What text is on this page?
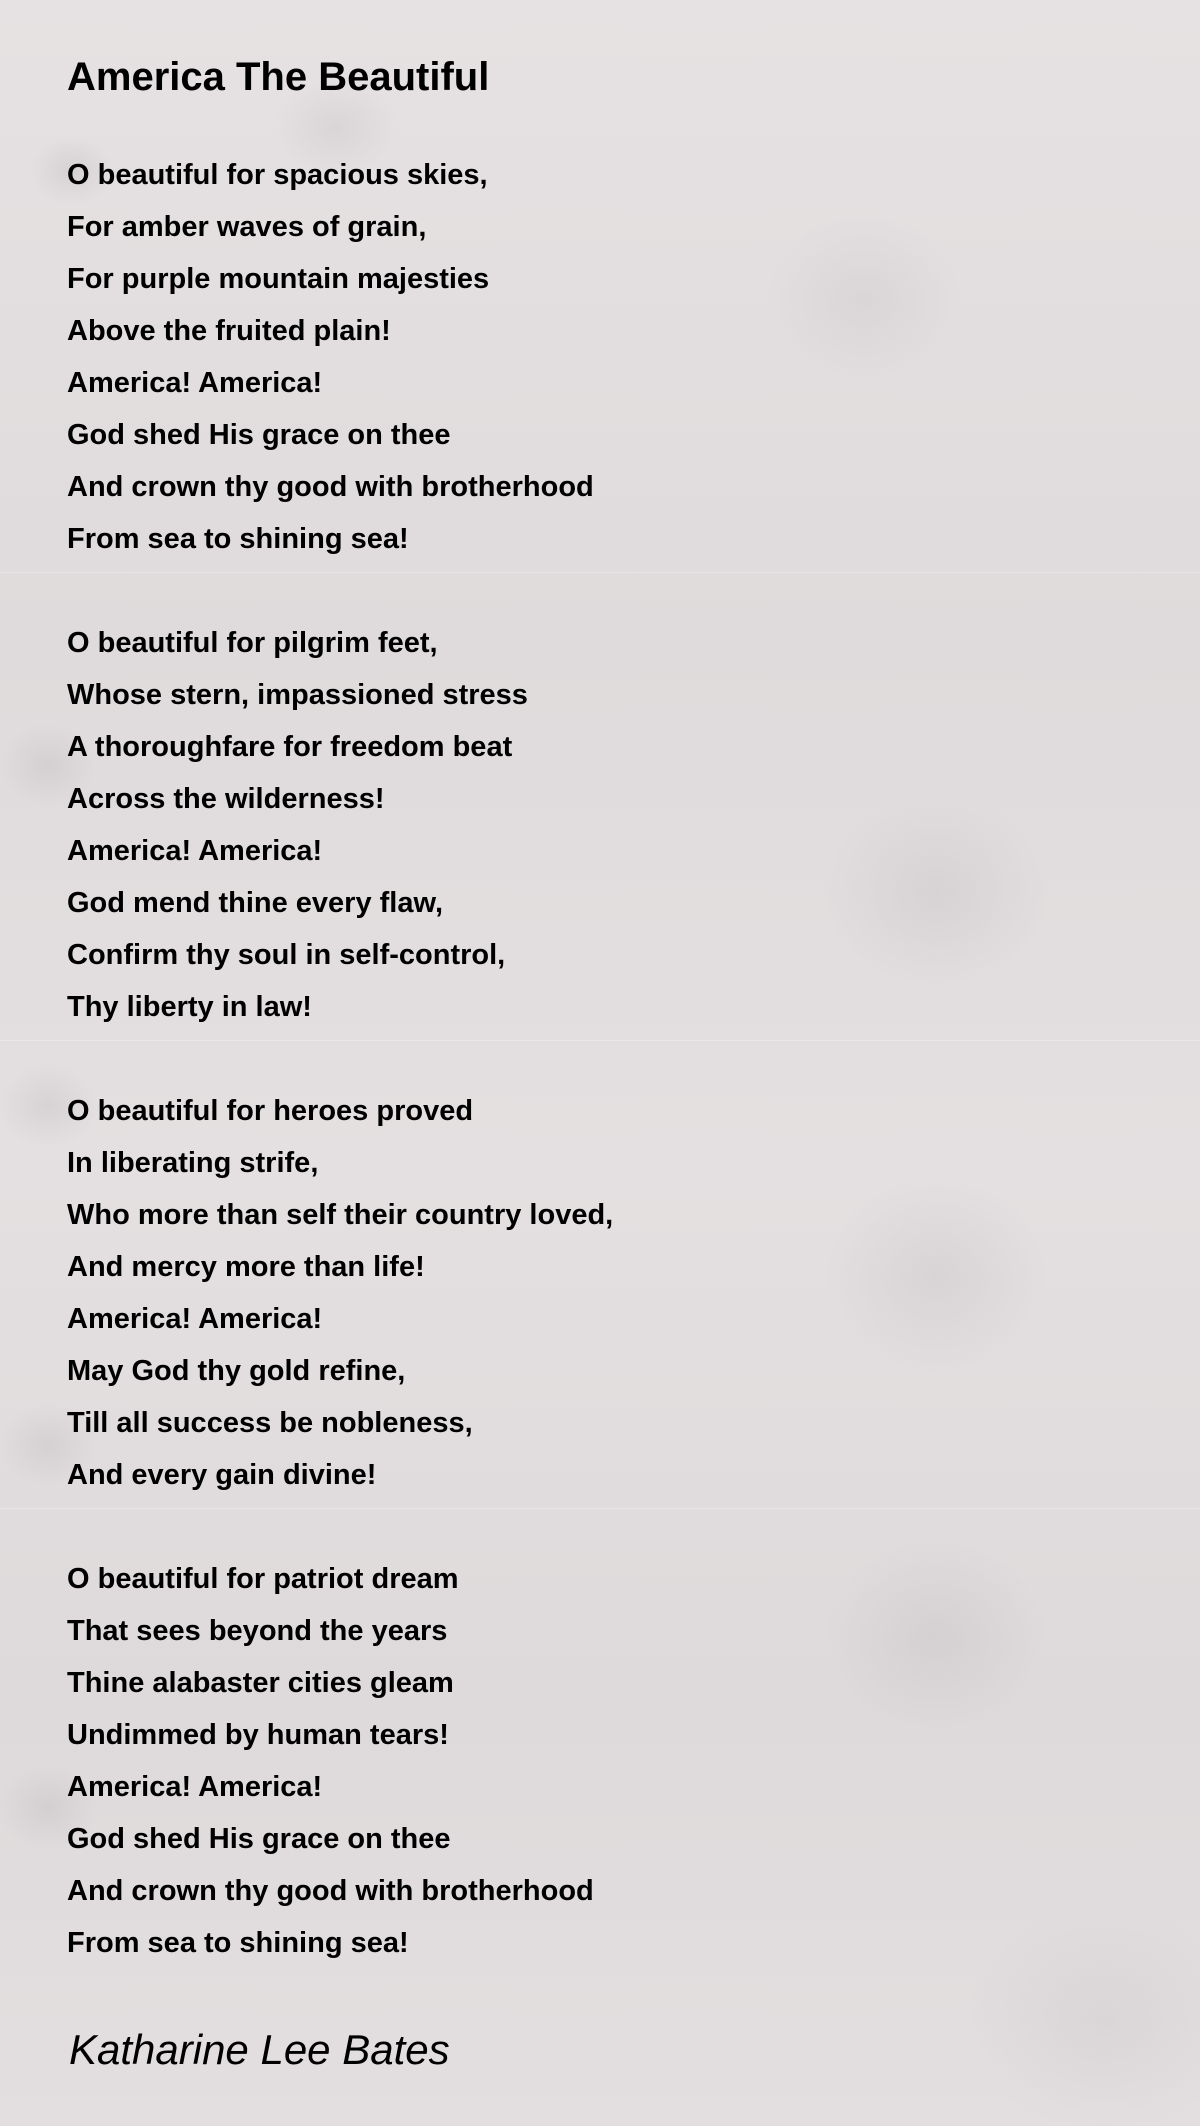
America The Beautiful
O beautiful for spacious skies,
For amber waves of grain,
For purple mountain majesties
Above the fruited plain!
America! America!
God shed His grace on thee
And crown thy good with brotherhood
From sea to shining sea!
O beautiful for pilgrim feet,
Whose stern, impassioned stress
A thoroughfare for freedom beat
Across the wilderness!
America! America!
God mend thine every flaw,
Confirm thy soul in self-control,
Thy liberty in law!
O beautiful for heroes proved
In liberating strife,
Who more than self their country loved,
And mercy more than life!
America! America!
May God thy gold refine,
Till all success be nobleness,
And every gain divine!
O beautiful for patriot dream
That sees beyond the years
Thine alabaster cities gleam
Undimmed by human tears!
America! America!
God shed His grace on thee
And crown thy good with brotherhood
From sea to shining sea!
Katharine Lee Bates
